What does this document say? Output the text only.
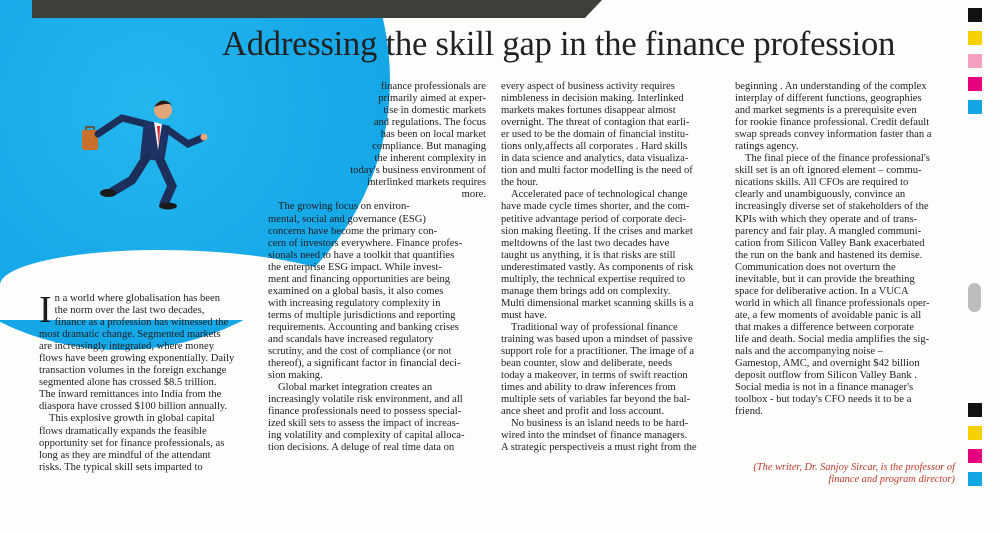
Addressing the skill gap in the finance profession
I n a world where globalisation has been
the norm over the last two decades,
finance as a profession has witnessed the
most dramatic change. Segmented markets
are increasingly integrated, where money
flows have been growing exponentially. Daily
transaction volumes in the foreign exchange
segmented alone has crossed $8.5 trillion.
The inward remittances into India from the
diaspora have crossed $100 billion annually.
This explosive growth in global capital
flows dramatically expands the feasible
opportunity set for finance professionals, as
long as they are mindful of the attendant
risks. The typical skill sets imparted to
finance professionals are
primarily aimed at exper-
tise in domestic markets
and regulations. The focus
has been on local market
compliance. But managing
the inherent complexity in
today's business environment of
interlinked markets requires
more.
The growing focus on environ-
mental, social and governance (ESG)
concerns have become the primary con-
cern of investors everywhere. Finance profes-
sionals need to have a toolkit that quantifies
the enterprise ESG impact. While invest-
ment and financing opportunities are being
examined on a global basis, it also comes
with increasing regulatory complexity in
terms of multiple jurisdictions and reporting
requirements. Accounting and banking crises
and scandals have increased regulatory
scrutiny, and the cost of compliance (or not
thereof), a significant factor in financial deci-
sion making.
Global market integration creates an
increasingly volatile risk environment, and all
finance professionals need to possess special-
ized skill sets to assess the impact of increas-
ing volatility and complexity of capital alloca-
tion decisions. A deluge of real time data on
every aspect of business activity requires
nimbleness in decision making. Interlinked
markets makes fortunes disappear almost
overnight. The threat of contagion that earli-
er used to be the domain of financial institu-
tions only,affects all corporates . Hard skills
in data science and analytics, data visualiza-
tion and multi factor modelling is the need of
the hour.
Accelerated pace of technological change
have made cycle times shorter, and the com-
petitive advantage period of corporate deci-
sion making fleeting. If the crises and market
meltdowns of the last two decades have
taught us anything, it is that risks are still
underestimated vastly. As components of risk
multiply, the technical expertise required to
manage them brings add on complexity.
Multi dimensional market scanning skills is a
must have.
Traditional way of professional finance
training was based upon a mindset of passive
support role for a practitioner. The image of a
bean counter, slow and deliberate, needs
today a makeover, in terms of swift reaction
times and ability to draw inferences from
multiple sets of variables far beyond the bal-
ance sheet and profit and loss account.
No business is an island needs to be hard-
wired into the mindset of finance managers.
A strategic perspectiveis a must right from the
beginning . An understanding of the complex
interplay of different functions, geographies
and market segments is a prerequisite even
for rookie finance professional. Credit default
swap spreads convey information faster than a
ratings agency.
The final piece of the finance professional's
skill set is an oft ignored element – commu-
nications skills. All CFOs are required to
clearly and unambiguously, convince an
increasingly diverse set of stakeholders of the
KPIs with which they operate and of trans-
parency and fair play. A mangled communi-
cation from Silicon Valley Bank exacerbated
the run on the bank and hastened its demise.
Communication does not overturn the
inevitable, but it can provide the breathing
space for deliberative action. In a VUCA
world in which all finance professionals oper-
ate, a few moments of avoidable panic is all
that makes a difference between corporate
life and death. Social media amplifies the sig-
nals and the accompanying noise –
Gamestop, AMC, and overnight $42 billion
deposit outflow from Silicon Valley Bank .
Social media is not in a finance manager's
toolbox - but today's CFO needs it to be a
friend.
(The writer, Dr. Sanjoy Sircar, is the professor of
finance and program director)
